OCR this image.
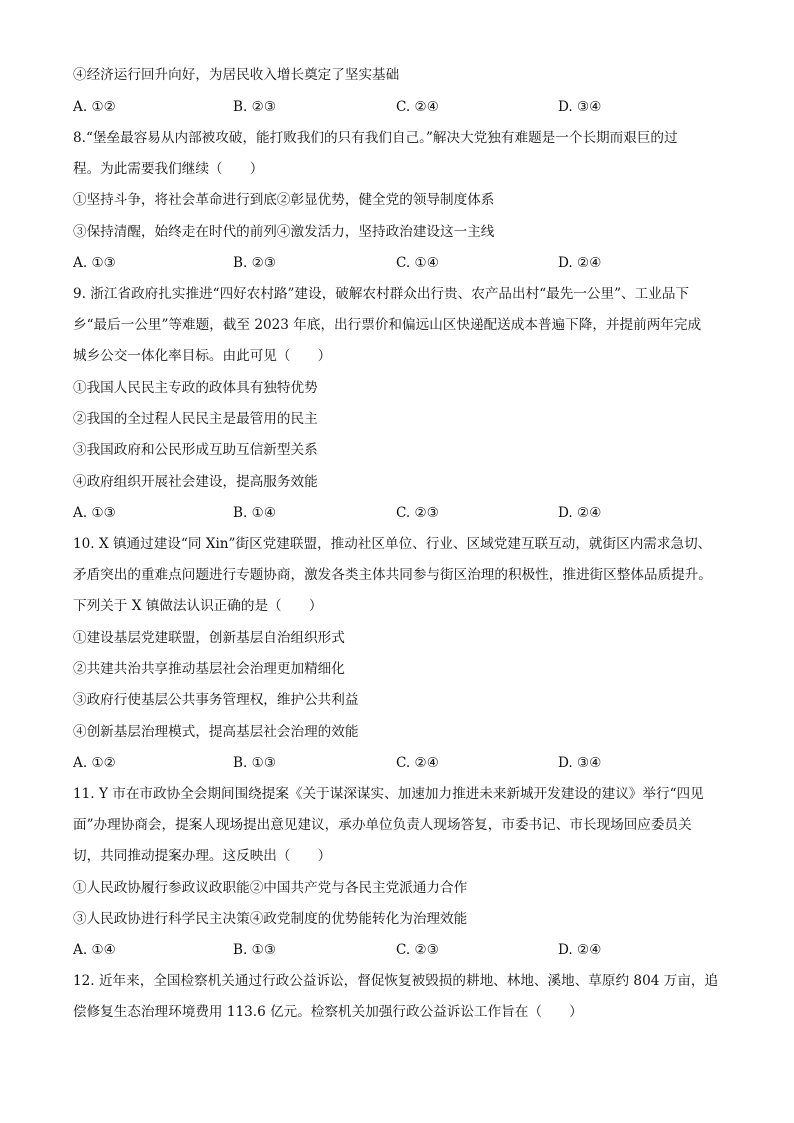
④经济运行回升向好，为居民收入增长奠定了坚实基础
A. ①②	B. ②③	C. ②④	D. ③④
8.“堡垒最容易从内部被攻破，能打败我们的只有我们自己。”解决大党独有难题是一个长期而艰巨的过
程。为此需要我们继续（　　）
①坚持斗争，将社会革命进行到底②彰显优势，健全党的领导制度体系
③保持清醒，始终走在时代的前列④激发活力，坚持政治建设这一主线
A. ①③	B. ②③	C. ①④	D. ②④
9. 浙江省政府扎实推进“四好农村路”建设，破解农村群众出行贵、农产品出村“最先一公里”、工业品下
乡“最后一公里”等难题，截至 2023 年底，出行票价和偏远山区快递配送成本普遍下降，并提前两年完成
城乡公交一体化率目标。由此可见（　　）
①我国人民民主专政的政体具有独特优势
②我国的全过程人民民主是最管用的民主
③我国政府和公民形成互助互信新型关系
④政府组织开展社会建设，提高服务效能
A. ①③	B. ①④	C. ②③	D. ②④
10. X 镇通过建设“同 Xin”街区党建联盟，推动社区单位、行业、区域党建互联互动，就街区内需求急切、
矛盾突出的重难点问题进行专题协商，激发各类主体共同参与街区治理的积极性，推进街区整体品质提升。
下列关于 X 镇做法认识正确的是（　　）
①建设基层党建联盟，创新基层自治组织形式
②共建共治共享推动基层社会治理更加精细化
③政府行使基层公共事务管理权，维护公共利益
④创新基层治理模式，提高基层社会治理的效能
A. ①②	B. ①③	C. ②④	D. ③④
11. Y 市在市政协全会期间围绕提案《关于谋深谋实、加速加力推进未来新城开发建设的建议》举行“四见
面”办理协商会，提案人现场提出意见建议，承办单位负责人现场答复，市委书记、市长现场回应委员关
切，共同推动提案办理。这反映出（　　）
①人民政协履行参政议政职能②中国共产党与各民主党派通力合作
③人民政协进行科学民主决策④政党制度的优势能转化为治理效能
A. ①④	B. ①③	C. ②③	D. ②④
12. 近年来，全国检察机关通过行政公益诉讼，督促恢复被毁损的耕地、林地、溪地、草原约 804 万亩，追
偿修复生态治理环境费用 113.6 亿元。检察机关加强行政公益诉讼工作旨在（　　）
